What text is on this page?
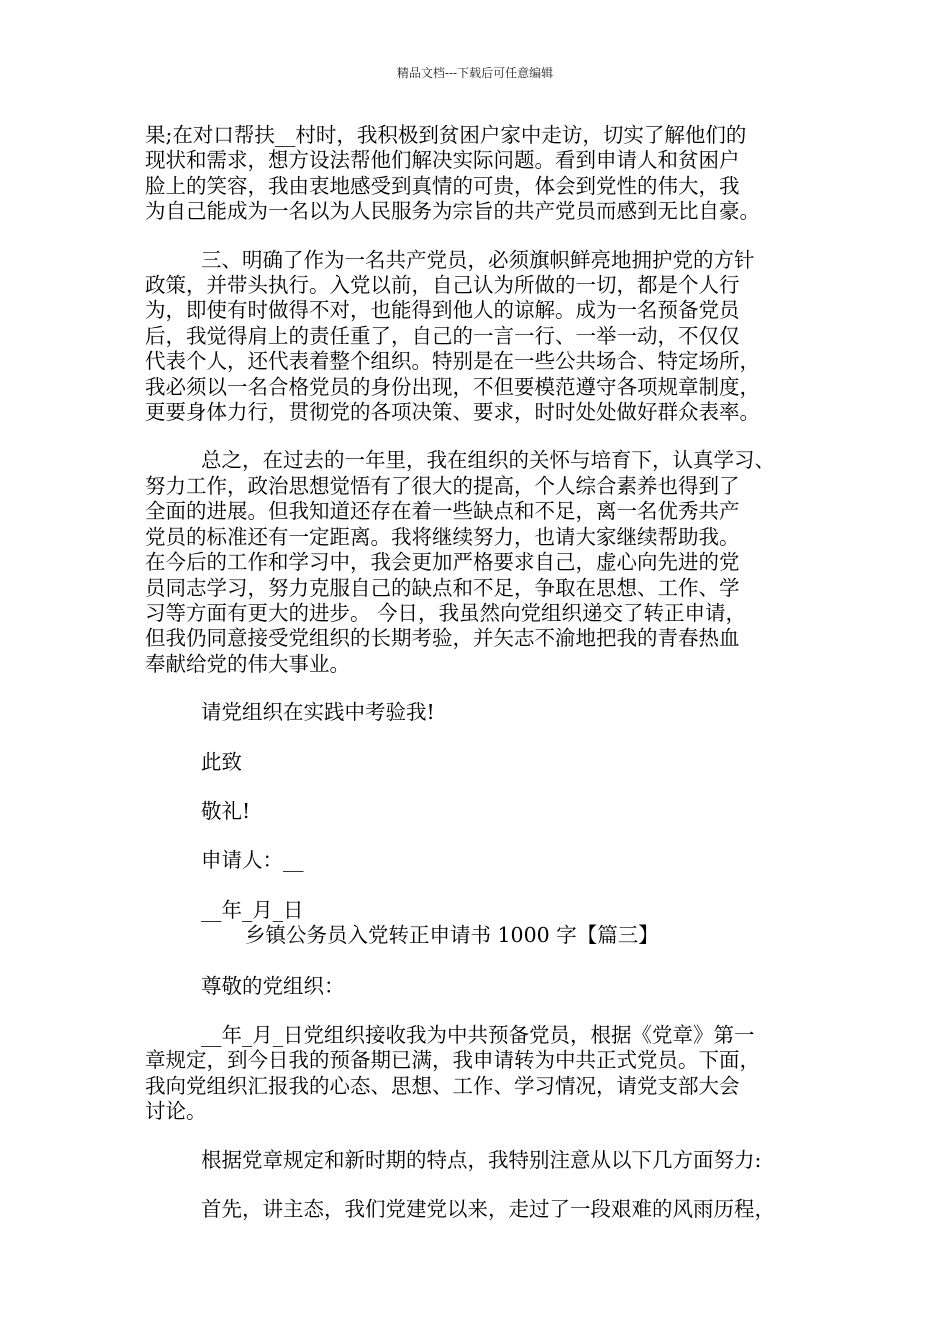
精品文档---下载后可任意编辑
果;在对口帮扶__村时，我积极到贫困户家中走访，切实了解他们的
现状和需求，想方设法帮他们解决实际问题。看到申请人和贫困户
脸上的笑容，我由衷地感受到真情的可贵，体会到党性的伟大，我
为自己能成为一名以为人民服务为宗旨的共产党员而感到无比自豪。
三、明确了作为一名共产党员，必须旗帜鲜亮地拥护党的方针
政策，并带头执行。入党以前，自己认为所做的一切，都是个人行
为，即使有时做得不对，也能得到他人的谅解。成为一名预备党员
后，我觉得肩上的责任重了，自己的一言一行、一举一动，不仅仅
代表个人，还代表着整个组织。特别是在一些公共场合、特定场所，
我必须以一名合格党员的身份出现，不但要模范遵守各项规章制度，
更要身体力行，贯彻党的各项决策、要求，时时处处做好群众表率。
总之，在过去的一年里，我在组织的关怀与培育下，认真学习、
努力工作，政治思想觉悟有了很大的提高，个人综合素养也得到了
全面的进展。但我知道还存在着一些缺点和不足，离一名优秀共产
党员的标准还有一定距离。我将继续努力，也请大家继续帮助我。
在今后的工作和学习中，我会更加严格要求自己，虚心向先进的党
员同志学习，努力克服自己的缺点和不足，争取在思想、工作、学
习等方面有更大的进步。 今日，我虽然向党组织递交了转正申请，
但我仍同意接受党组织的长期考验，并矢志不渝地把我的青春热血
奉献给党的伟大事业。
请党组织在实践中考验我!
此致
敬礼!
申请人：__
__年_月_日
乡镇公务员入党转正申请书 1000 字【篇三】
尊敬的党组织：
__年_月_日党组织接收我为中共预备党员，根据《党章》第一
章规定，到今日我的预备期已满，我申请转为中共正式党员。下面，
我向党组织汇报我的心态、思想、工作、学习情况，请党支部大会
讨论。
根据党章规定和新时期的特点，我特别注意从以下几方面努力:
首先，讲主态，我们党建党以来，走过了一段艰难的风雨历程，
